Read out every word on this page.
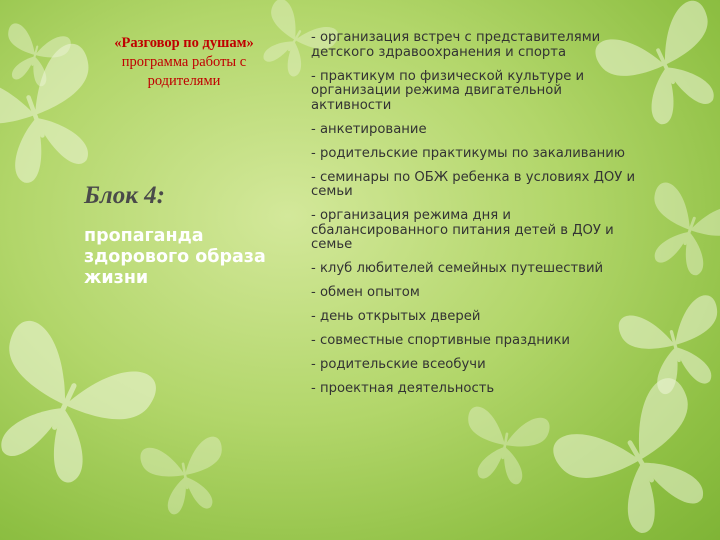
«Разговор по душам»
программа работы с родителями
Блок 4:
пропаганда здорового образа жизни
- организация встреч с представителями детского здравоохранения и спорта
- практикум по физической культуре и организации режима двигательной активности
- анкетирование
- родительские практикумы по закаливанию
- семинары по ОБЖ ребенка в условиях ДОУ и семьи
- организация режима дня и сбалансированного питания детей в ДОУ и семье
- клуб любителей семейных путешествий
- обмен опытом
- день открытых дверей
- совместные спортивные праздники
- родительские всеобучи
- проектная деятельность
